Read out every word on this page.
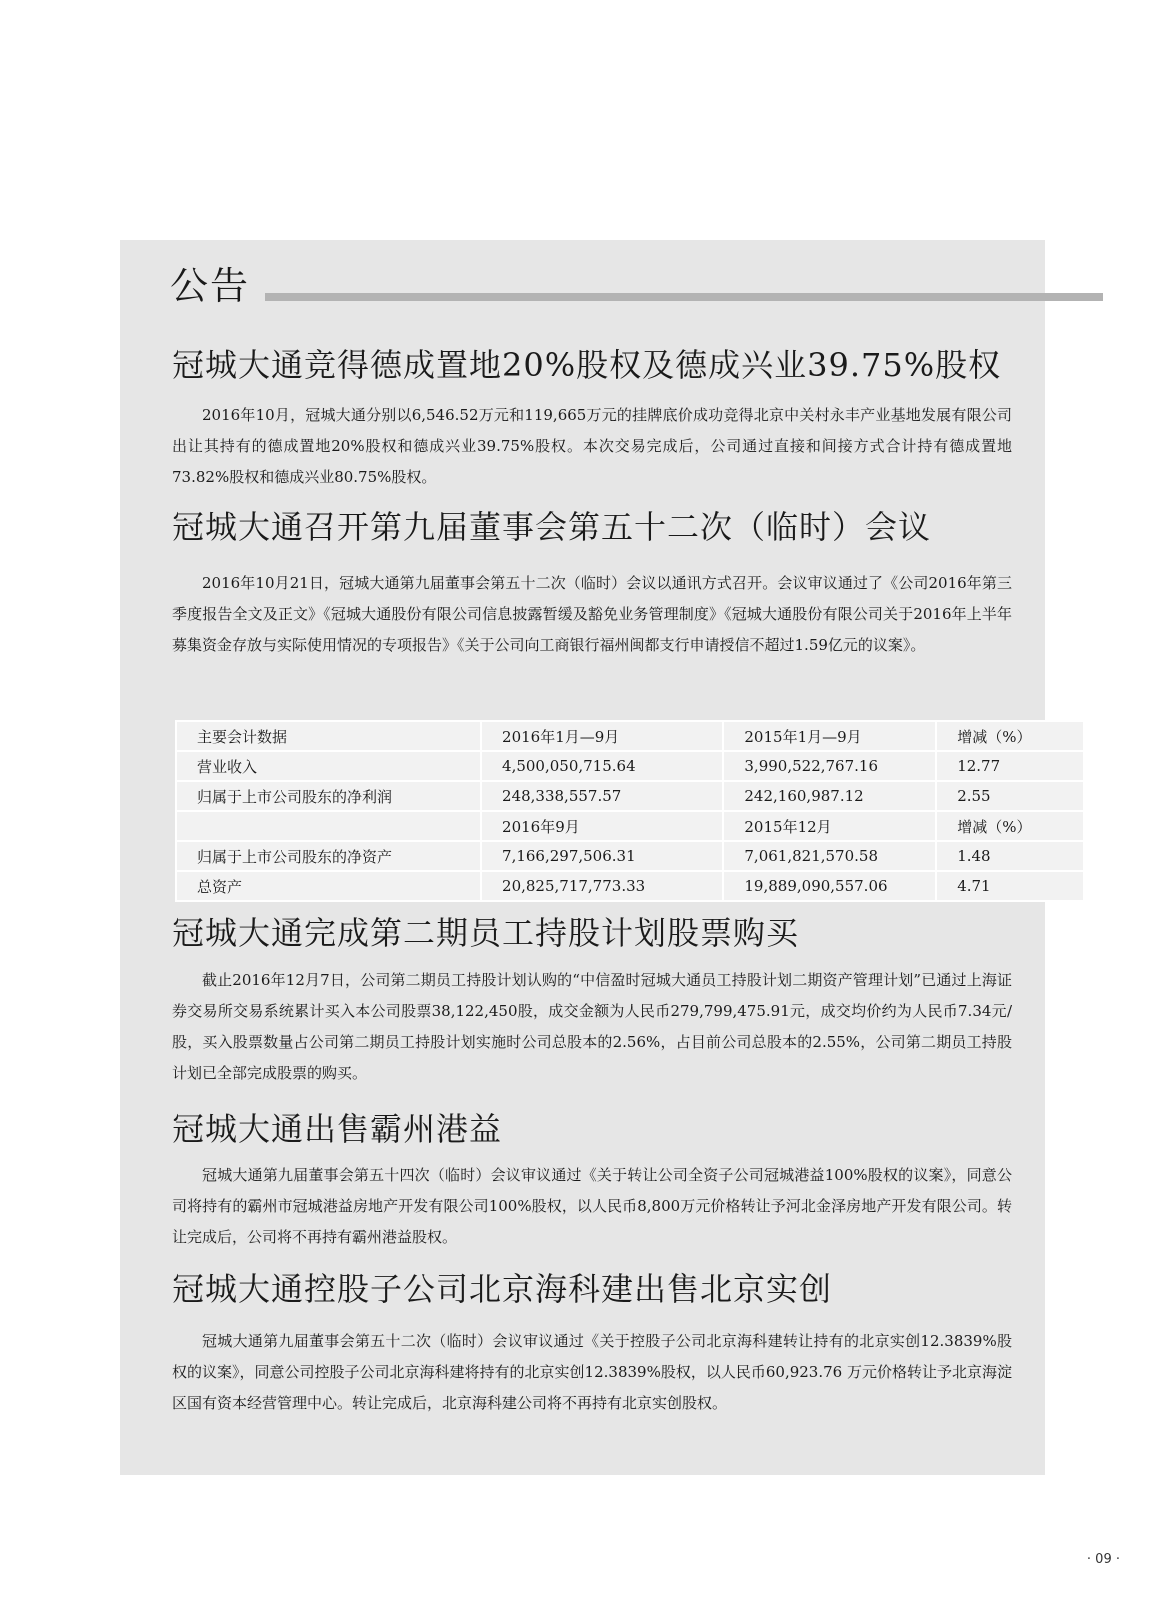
公告
冠城大通竞得德成置地20%股权及德成兴业39.75%股权
2016年10月，冠城大通分别以6,546.52万元和119,665万元的挂牌底价成功竞得北京中关村永丰产业基地发展有限公司出让其持有的德成置地20%股权和德成兴业39.75%股权。本次交易完成后，公司通过直接和间接方式合计持有德成置地73.82%股权和德成兴业80.75%股权。
冠城大通召开第九届董事会第五十二次（临时）会议
2016年10月21日，冠城大通第九届董事会第五十二次（临时）会议以通讯方式召开。会议审议通过了《公司2016年第三季度报告全文及正文》《冠城大通股份有限公司信息披露暂缓及豁免业务管理制度》《冠城大通股份有限公司关于2016年上半年募集资金存放与实际使用情况的专项报告》《关于公司向工商银行福州闽都支行申请授信不超过1.59亿元的议案》。
主要会计数据	2016年1月—9月	2015年1月—9月	增减（%）
营业收入	4,500,050,715.64	3,990,522,767.16	12.77
归属于上市公司股东的净利润	248,338,557.57	242,160,987.12	2.55
	2016年9月	2015年12月	增减（%）
归属于上市公司股东的净资产	7,166,297,506.31	7,061,821,570.58	1.48
总资产	20,825,717,773.33	19,889,090,557.06	4.71
冠城大通完成第二期员工持股计划股票购买
截止2016年12月7日，公司第二期员工持股计划认购的“中信盈时冠城大通员工持股计划二期资产管理计划”已通过上海证券交易所交易系统累计买入本公司股票38,122,450股，成交金额为人民币279,799,475.91元，成交均价约为人民币7.34元/股，买入股票数量占公司第二期员工持股计划实施时公司总股本的2.56%，占目前公司总股本的2.55%，公司第二期员工持股计划已全部完成股票的购买。
冠城大通出售霸州港益
冠城大通第九届董事会第五十四次（临时）会议审议通过《关于转让公司全资子公司冠城港益100%股权的议案》，同意公司将持有的霸州市冠城港益房地产开发有限公司100%股权，以人民币8,800万元价格转让予河北金泽房地产开发有限公司。转让完成后，公司将不再持有霸州港益股权。
冠城大通控股子公司北京海科建出售北京实创
冠城大通第九届董事会第五十二次（临时）会议审议通过《关于控股子公司北京海科建转让持有的北京实创12.3839%股权的议案》，同意公司控股子公司北京海科建将持有的北京实创12.3839%股权，以人民币60,923.76 万元价格转让予北京海淀区国有资本经营管理中心。转让完成后，北京海科建公司将不再持有北京实创股权。
· 09 ·
